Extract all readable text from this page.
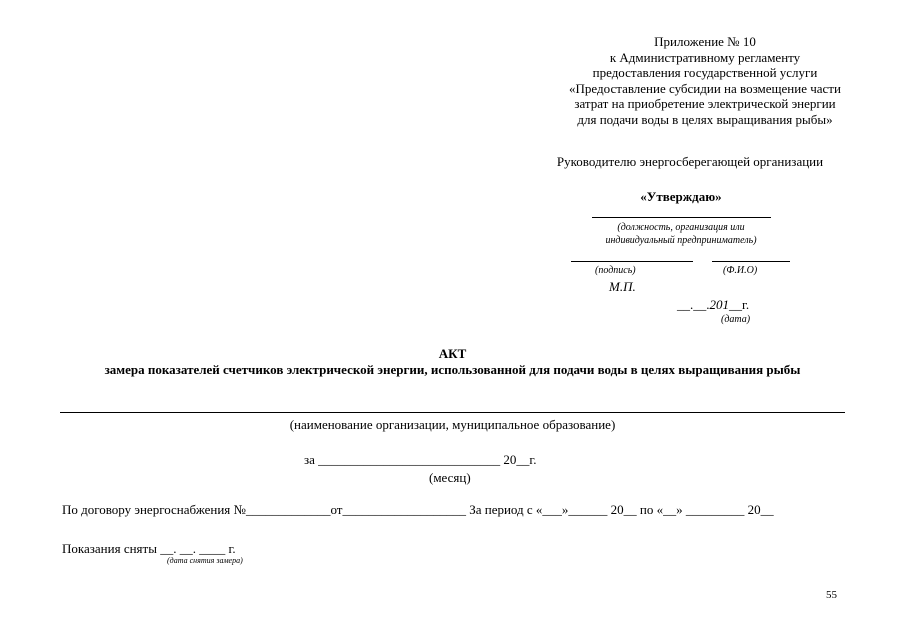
Приложение № 10
к Административному регламенту
предоставления государственной услуги
«Предоставление субсидии на возмещение части
затрат на приобретение электрической энергии
для подачи воды в целях выращивания рыбы»
Руководителю энергосберегающей организации
«Утверждаю»
(должность, организация или
индивидуальный предприниматель)
(подпись)	(Ф.И.О)
М.П.
__.__.201__г.
(дата)
АКТ
замера показателей счетчиков электрической энергии, использованной для подачи воды в целях выращивания рыбы
(наименование организации, муниципальное образование)
за ____________________________ 20__г.
(месяц)
По договору энергоснабжения №_____________от___________________ За период с «___»______ 20__ по «__» _________ 20__
Показания сняты __. __. ____ г.
(дата снятия замера)
55
